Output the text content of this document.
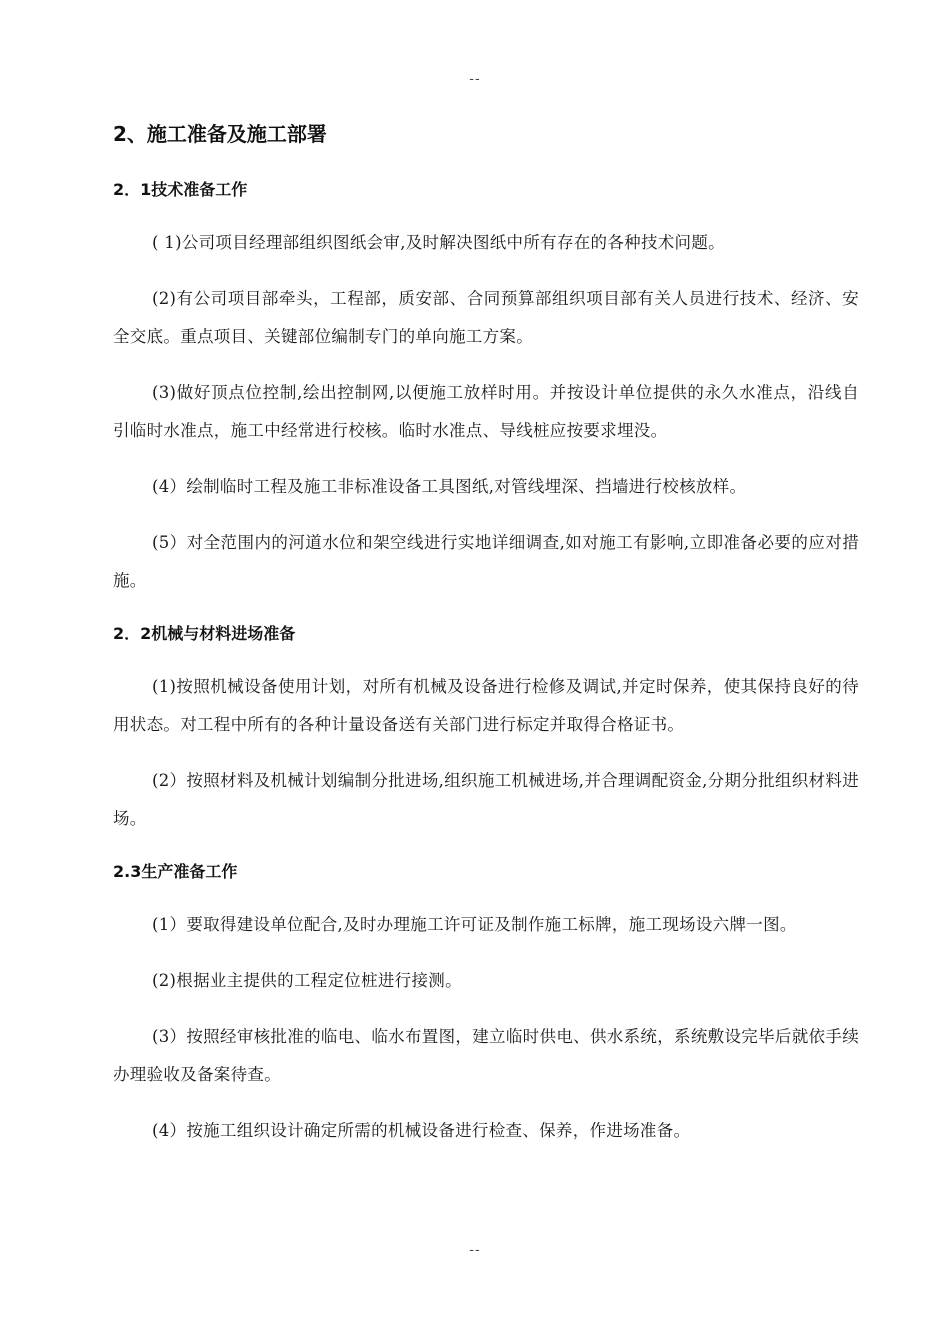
--
2、施工准备及施工部署
2．1技术准备工作

( 1)公司项目经理部组织图纸会审,及时解决图纸中所有存在的各种技术问题。

(2)有公司项目部牵头，工程部，质安部、合同预算部组织项目部有关人员进行技术、经济、安全交底。重点项目、关键部位编制专门的单向施工方案。

(3)做好顶点位控制,绘出控制网,以便施工放样时用。并按设计单位提供的永久水准点，沿线自引临时水准点，施工中经常进行校核。临时水准点、导线桩应按要求埋没。

(4）绘制临时工程及施工非标准设备工具图纸,对管线埋深、挡墙进行校核放样。

(5）对全范围内的河道水位和架空线进行实地详细调查,如对施工有影响,立即准备必要的应对措施。

2．2机械与材料进场准备

(1)按照机械设备使用计划，对所有机械及设备进行检修及调试,并定时保养，使其保持良好的待用状态。对工程中所有的各种计量设备送有关部门进行标定并取得合格证书。

(2）按照材料及机械计划编制分批进场,组织施工机械进场,并合理调配资金,分期分批组织材料进场。

2.3生产准备工作

(1）要取得建设单位配合,及时办理施工许可证及制作施工标牌，施工现场设六牌一图。

(2)根据业主提供的工程定位桩进行接测。

(3）按照经审核批准的临电、临水布置图，建立临时供电、供水系统，系统敷设完毕后就依手续办理验收及备案待查。

(4）按施工组织设计确定所需的机械设备进行检查、保养，作进场准备。

--
